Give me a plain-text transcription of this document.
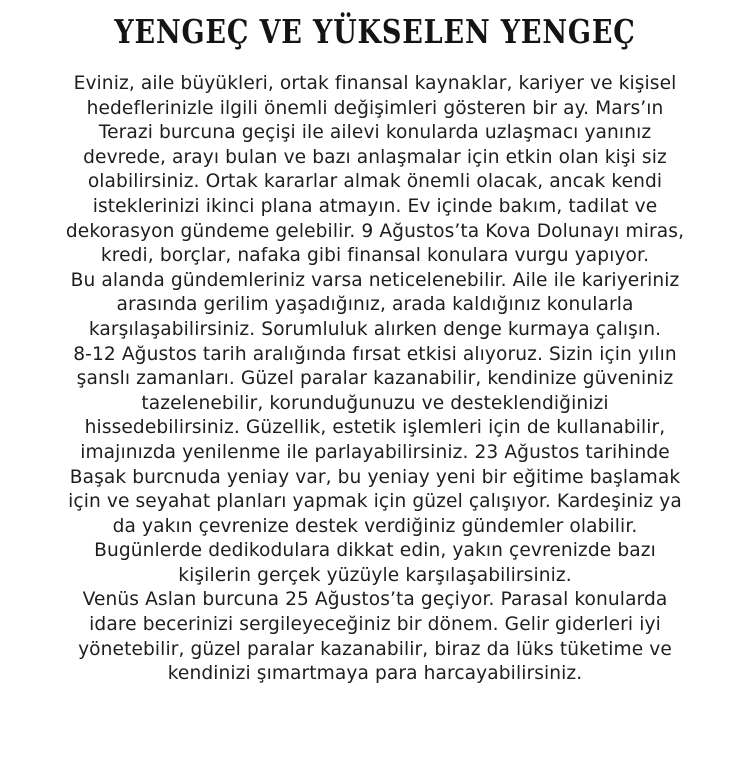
YENGEÇ VE YÜKSELEN YENGEÇ
Eviniz, aile büyükleri, ortak finansal kaynaklar, kariyer ve kişisel
hedeflerinizle ilgili önemli değişimleri gösteren bir ay. Mars’ın
Terazi burcuna geçişi ile ailevi konularda uzlaşmacı yanınız
devrede, arayı bulan ve bazı anlaşmalar için etkin olan kişi siz
olabilirsiniz. Ortak kararlar almak önemli olacak, ancak kendi
isteklerinizi ikinci plana atmayın. Ev içinde bakım, tadilat ve
dekorasyon gündeme gelebilir. 9 Ağustos’ta Kova Dolunayı miras,
kredi, borçlar, nafaka gibi finansal konulara vurgu yapıyor.
Bu alanda gündemleriniz varsa neticelenebilir. Aile ile kariyeriniz
arasında gerilim yaşadığınız, arada kaldığınız konularla
karşılaşabilirsiniz. Sorumluluk alırken denge kurmaya çalışın.
8-12 Ağustos tarih aralığında fırsat etkisi alıyoruz. Sizin için yılın
şanslı zamanları. Güzel paralar kazanabilir, kendinize güveniniz
tazelenebilir, korunduğunuzu ve desteklendiğinizi
hissedebilirsiniz. Güzellik, estetik işlemleri için de kullanabilir,
imajınızda yenilenme ile parlayabilirsiniz. 23 Ağustos tarihinde
Başak burcnuda yeniay var, bu yeniay yeni bir eğitime başlamak
için ve seyahat planları yapmak için güzel çalışıyor. Kardeşiniz ya
da yakın çevrenize destek verdiğiniz gündemler olabilir.
Bugünlerde dedikodulara dikkat edin, yakın çevrenizde bazı
kişilerin gerçek yüzüyle karşılaşabilirsiniz.
Venüs Aslan burcuna 25 Ağustos’ta geçiyor. Parasal konularda
idare becerinizi sergileyeceğiniz bir dönem. Gelir giderleri iyi
yönetebilir, güzel paralar kazanabilir, biraz da lüks tüketime ve
kendinizi şımartmaya para harcayabilirsiniz.
